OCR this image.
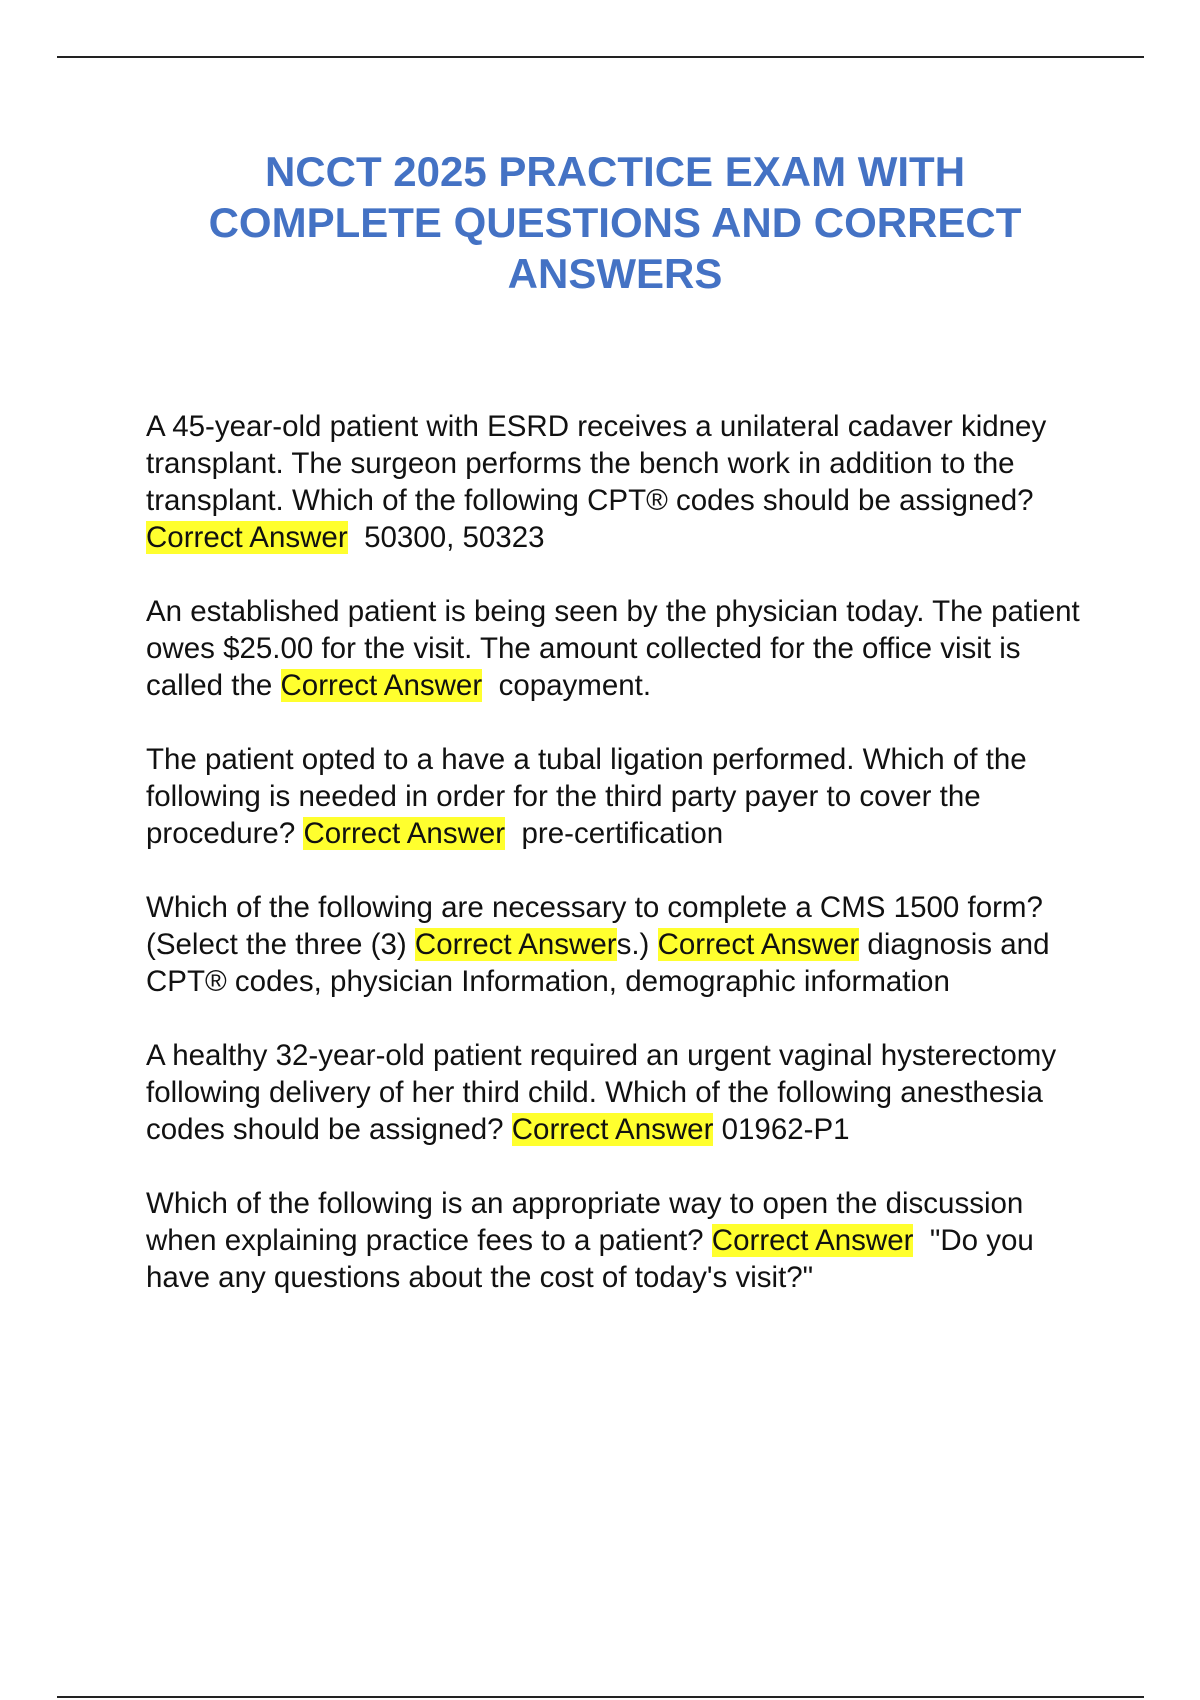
NCCT 2025 PRACTICE EXAM WITH
COMPLETE QUESTIONS AND CORRECT
ANSWERS

A 45-year-old patient with ESRD receives a unilateral cadaver kidney transplant. The surgeon performs the bench work in addition to the transplant. Which of the following CPT® codes should be assigned? Correct Answer 50300, 50323

An established patient is being seen by the physician today. The patient owes $25.00 for the visit. The amount collected for the office visit is called the Correct Answer copayment.

The patient opted to a have a tubal ligation performed. Which of the following is needed in order for the third party payer to cover the procedure? Correct Answer pre-certification

Which of the following are necessary to complete a CMS 1500 form? (Select the three (3) Correct Answers.) Correct Answer diagnosis and CPT® codes, physician Information, demographic information

A healthy 32-year-old patient required an urgent vaginal hysterectomy following delivery of her third child. Which of the following anesthesia codes should be assigned? Correct Answer 01962-P1

Which of the following is an appropriate way to open the discussion when explaining practice fees to a patient? Correct Answer "Do you have any questions about the cost of today's visit?"
